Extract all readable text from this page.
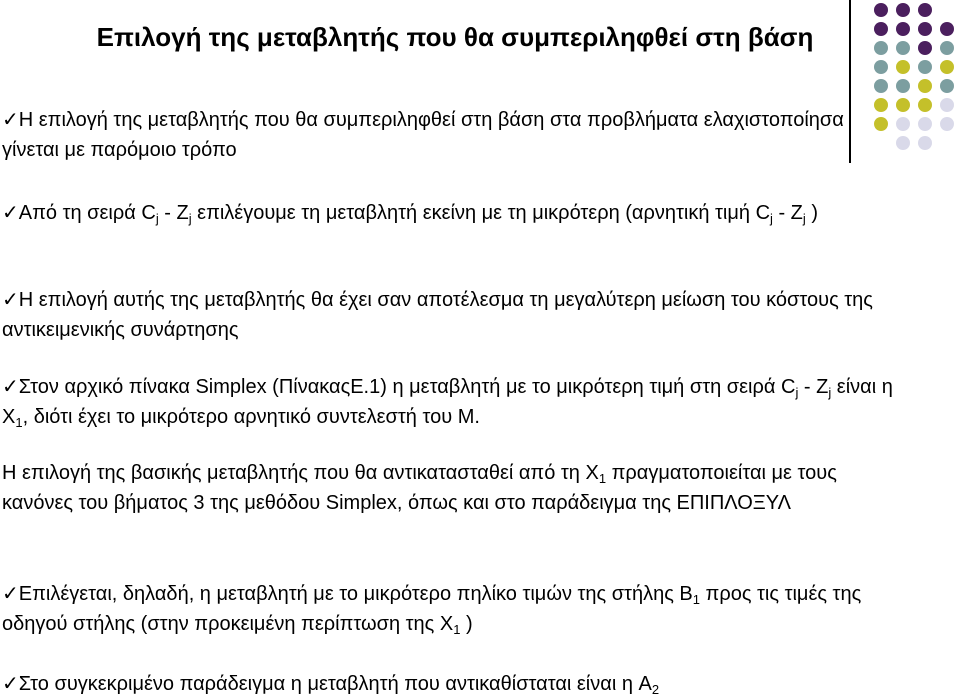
Επιλογή της μεταβλητής που θα συμπεριληφθεί στη βάση

✓Η επιλογή της μεταβλητής που θα συμπεριληφθεί στη βάση στα προβλήματα ελαχιστοποίησα γίνεται με παρόμοιο τρόπο

✓Από τη σειρά $C_j - Z_j$ επιλέγουμε τη μεταβλητή εκείνη με τη μικρότερη (αρνητική τιμή $C_j - Z_j$ )

✓Η επιλογή αυτής της μεταβλητής θα έχει σαν αποτέλεσμα τη μεγαλύτερη μείωση του κόστους της αντικειμενικής συνάρτησης

✓Στον αρχικό πίνακα Simplex (ΠίνακαςΕ.1) η μεταβλητή με το μικρότερη τιμή στη σειρά $C_j - Z_j$ είναι η $X_1$, διότι έχει το μικρότερο αρνητικό συντελεστή του M.

Η επιλογή της βασικής μεταβλητής που θα αντικατασταθεί από τη $X_1$ πραγματοποιείται με τους κανόνες του βήματος 3 της μεθόδου Simplex, όπως και στο παράδειγμα της ΕΠΙΠΛΟΞΥΛ

✓Επιλέγεται, δηλαδή, η μεταβλητή με το μικρότερο πηλίκο τιμών της στήλης $B_1$ προς τις τιμές της οδηγού στήλης (στην προκειμένη περίπτωση της $X_1$ )

✓Στο συγκεκριμένο παράδειγμα η μεταβλητή που αντικαθίσταται είναι η $A_2$
